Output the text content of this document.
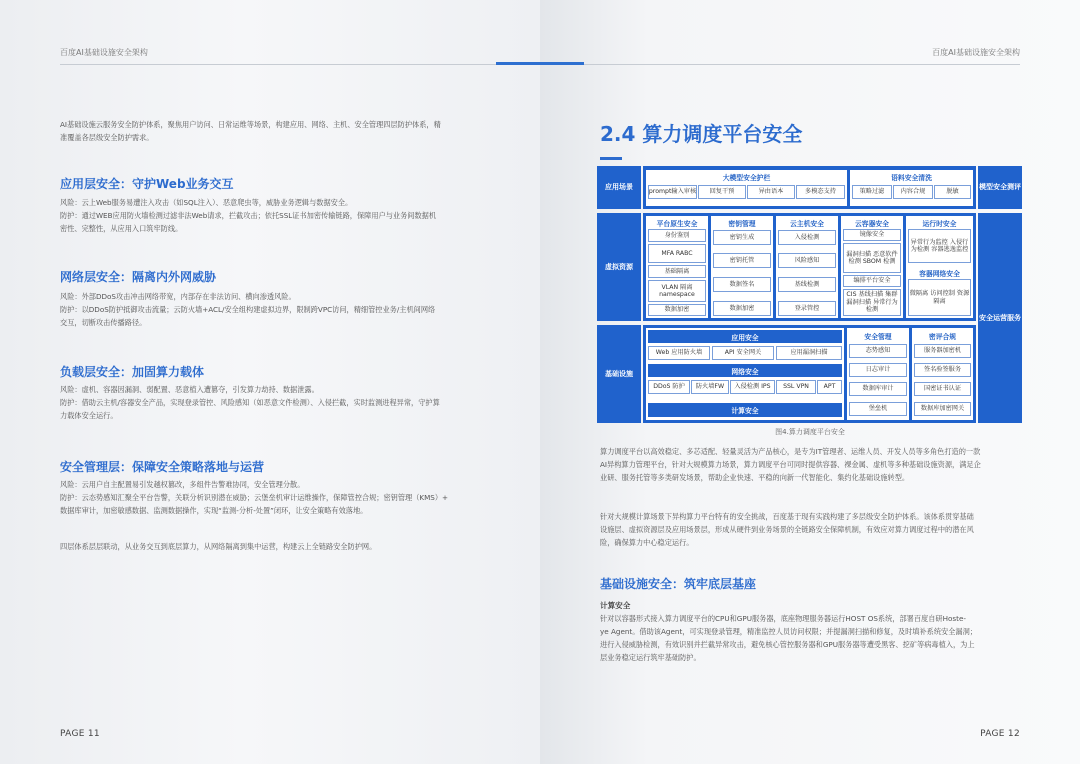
百度AI基础设施安全架构
AI基础设施云服务安全防护体系，聚焦用户访问、日常运维等场景，构建应用、网络、主机、安全管理四层防护体系，精
准覆盖各层级安全防护需求。
应用层安全：守护Web业务交互
风险：云上Web服务易遭注入攻击（如SQL注入）、恶意爬虫等，威胁业务逻辑与数据安全。
防护：通过WEB应用防火墙检测过滤非法Web请求，拦截攻击；依托SSL证书加密传输链路，保障用户与业务间数据机
密性、完整性，从应用入口筑牢防线。
网络层安全：隔离内外网威胁
风险：外部DDoS攻击冲击网络带宽，内部存在非法访问、横向渗透风险。
防护：以DDoS防护抵御攻击流量；云防火墙+ACL/安全组构建虚拟边界，限制跨VPC访问，精细管控业务/主机间网络
交互，切断攻击传播路径。
负载层安全：加固算力载体
风险：虚机、容器因漏洞、弱配置、恶意植入遭篡夺，引发算力劫持、数据泄露。
防护：借助云主机/容器安全产品，实现登录管控、风险感知（如恶意文件检测）、入侵拦截，实时监测进程异常，守护算
力载体安全运行。
安全管理层：保障安全策略落地与运营
风险：云用户自主配置易引发越权篡改，多组件告警难协同，安全管理分散。
防护：云态势感知汇聚全平台告警，关联分析识别潜在威胁；云堡垒机审计运维操作，保障管控合规；密钥管理（KMS）+
数据库审计，加密敏感数据、监测数据操作，实现“监测-分析-处置”闭环，让安全策略有效落地。
四层体系层层联动，从业务交互到底层算力，从网络隔离到集中运营，构建云上全链路安全防护网。
PAGE 11
百度AI基础设施安全架构
2.4 算力调度平台安全
应用场景
虚拟资源
基础设施
模型安全测评
安全运营服务
大模型安全护栏
prompt输入审核	回复干预	异由语本	多模态支持
语料安全清洗
策略过滤	内容合规	脱敏
平台原生安全
身份鉴别
MFA RABC
基础隔离
VLAN 隔离 namespace
数据加密
密钥管理
密钥生成
密钥托管
数据签名
数据加密
云主机安全
入侵检测
风险感知
基线检测
登录管控
云容器安全
镜像安全
漏洞扫描 恶意软件检测 SBOM 检测
编排平台安全
CIS 基线扫描 集群漏洞扫描 异常行为检测
运行时安全
异常行为监控 入侵行为检测 容器逃逸监控
容器网络安全
微隔离 访问控制 资源隔离
应用安全
Web 应用防火墙	API 安全网关	应用漏洞扫描
网络安全
DDoS 防护	防火墙FW	入侵检测 IPS	SSL VPN	APT
计算安全
安全管理
态势感知
日志审计
数据库审计
堡垒机
密评合规
服务器加密机
签名验签服务
国密证书认证
数据库加密网关
图4.算力调度平台安全
算力调度平台以高效稳定、多芯适配、轻量灵活为产品核心，是专为IT管理者、运维人员、开发人员等多角色打造的一款
AI异构算力管理平台，针对大规模算力场景，算力调度平台可同时提供容器、裸金属、虚机等多种基础设施资源，满足企
业研、服务托管等多类研发场景，帮助企业快速、平稳的向新一代智能化、集约化基础设施转型。
针对大规模计算场景下异构算力平台特有的安全挑战，百度基于现有实践构建了多层级安全防护体系。该体系贯穿基础
设施层、虚拟资源层及应用场景层，形成从硬件到业务场景的全链路安全保障机制，有效应对算力调度过程中的潜在风
险，确保算力中心稳定运行。
基础设施安全：筑牢底层基座
计算安全
针对以容器形式接入算力调度平台的CPU和GPU服务器，底座物理服务器运行HOST OS系统，部署百度自研Hoste-
ye Agent。借助该Agent，可实现登录管理，精准监控人员访问权限；并提漏洞扫描和修复，及时填补系统安全漏洞；
进行入侵威胁检测，有效识别并拦截异常攻击，避免核心管控服务器和GPU服务器等遭受黑客、挖矿等病毒植入，为上
层业务稳定运行筑牢基础防护。
PAGE 12
